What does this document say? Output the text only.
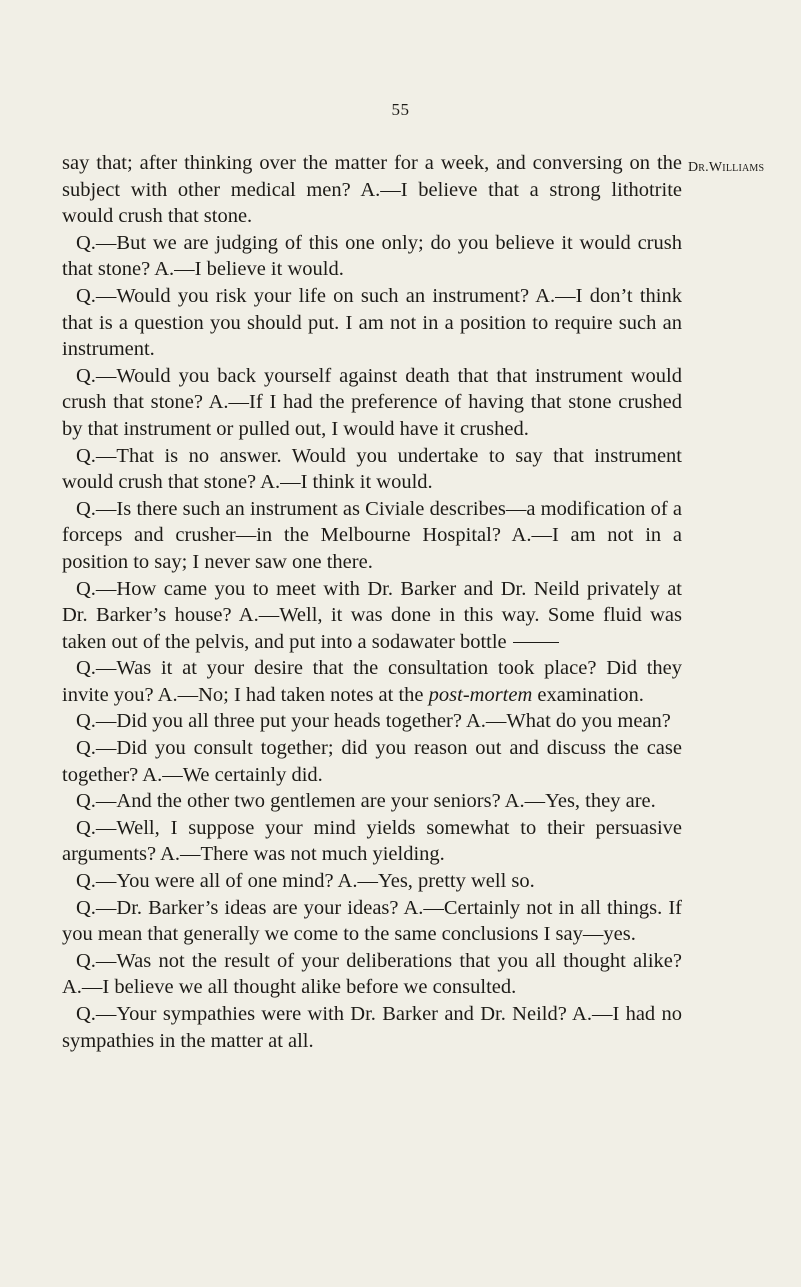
55
Dr.Williams

say that; after thinking over the matter for a week, and conversing on the subject with other medical men? A.—I believe that a strong lithotrite would crush that stone.

Q.—But we are judging of this one only; do you believe it would crush that stone? A.—I believe it would.

Q.—Would you risk your life on such an instrument? A.—I don’t think that is a question you should put. I am not in a position to require such an instrument.

Q.—Would you back yourself against death that that instrument would crush that stone? A.—If I had the preference of having that stone crushed by that instrument or pulled out, I would have it crushed.

Q.—That is no answer. Would you undertake to say that instrument would crush that stone? A.—I think it would.

Q.—Is there such an instrument as Civiale describes—a modification of a forceps and crusher—in the Melbourne Hospital? A.—I am not in a position to say; I never saw one there.

Q.—How came you to meet with Dr. Barker and Dr. Neild privately at Dr. Barker’s house? A.—Well, it was done in this way. Some fluid was taken out of the pelvis, and put into a sodawater bottle

Q.—Was it at your desire that the consultation took place? Did they invite you? A.—No; I had taken notes at the post-mortem examination.

Q.—Did you all three put your heads together? A.—What do you mean?

Q.—Did you consult together; did you reason out and discuss the case together? A.—We certainly did.

Q.—And the other two gentlemen are your seniors? A.—Yes, they are.

Q.—Well, I suppose your mind yields somewhat to their persuasive arguments? A.—There was not much yielding.

Q.—You were all of one mind? A.—Yes, pretty well so.

Q.—Dr. Barker’s ideas are your ideas? A.—Certainly not in all things. If you mean that generally we come to the same conclusions I say—yes.

Q.—Was not the result of your deliberations that you all thought alike? A.—I believe we all thought alike before we consulted.

Q.—Your sympathies were with Dr. Barker and Dr. Neild? A.—I had no sympathies in the matter at all.
